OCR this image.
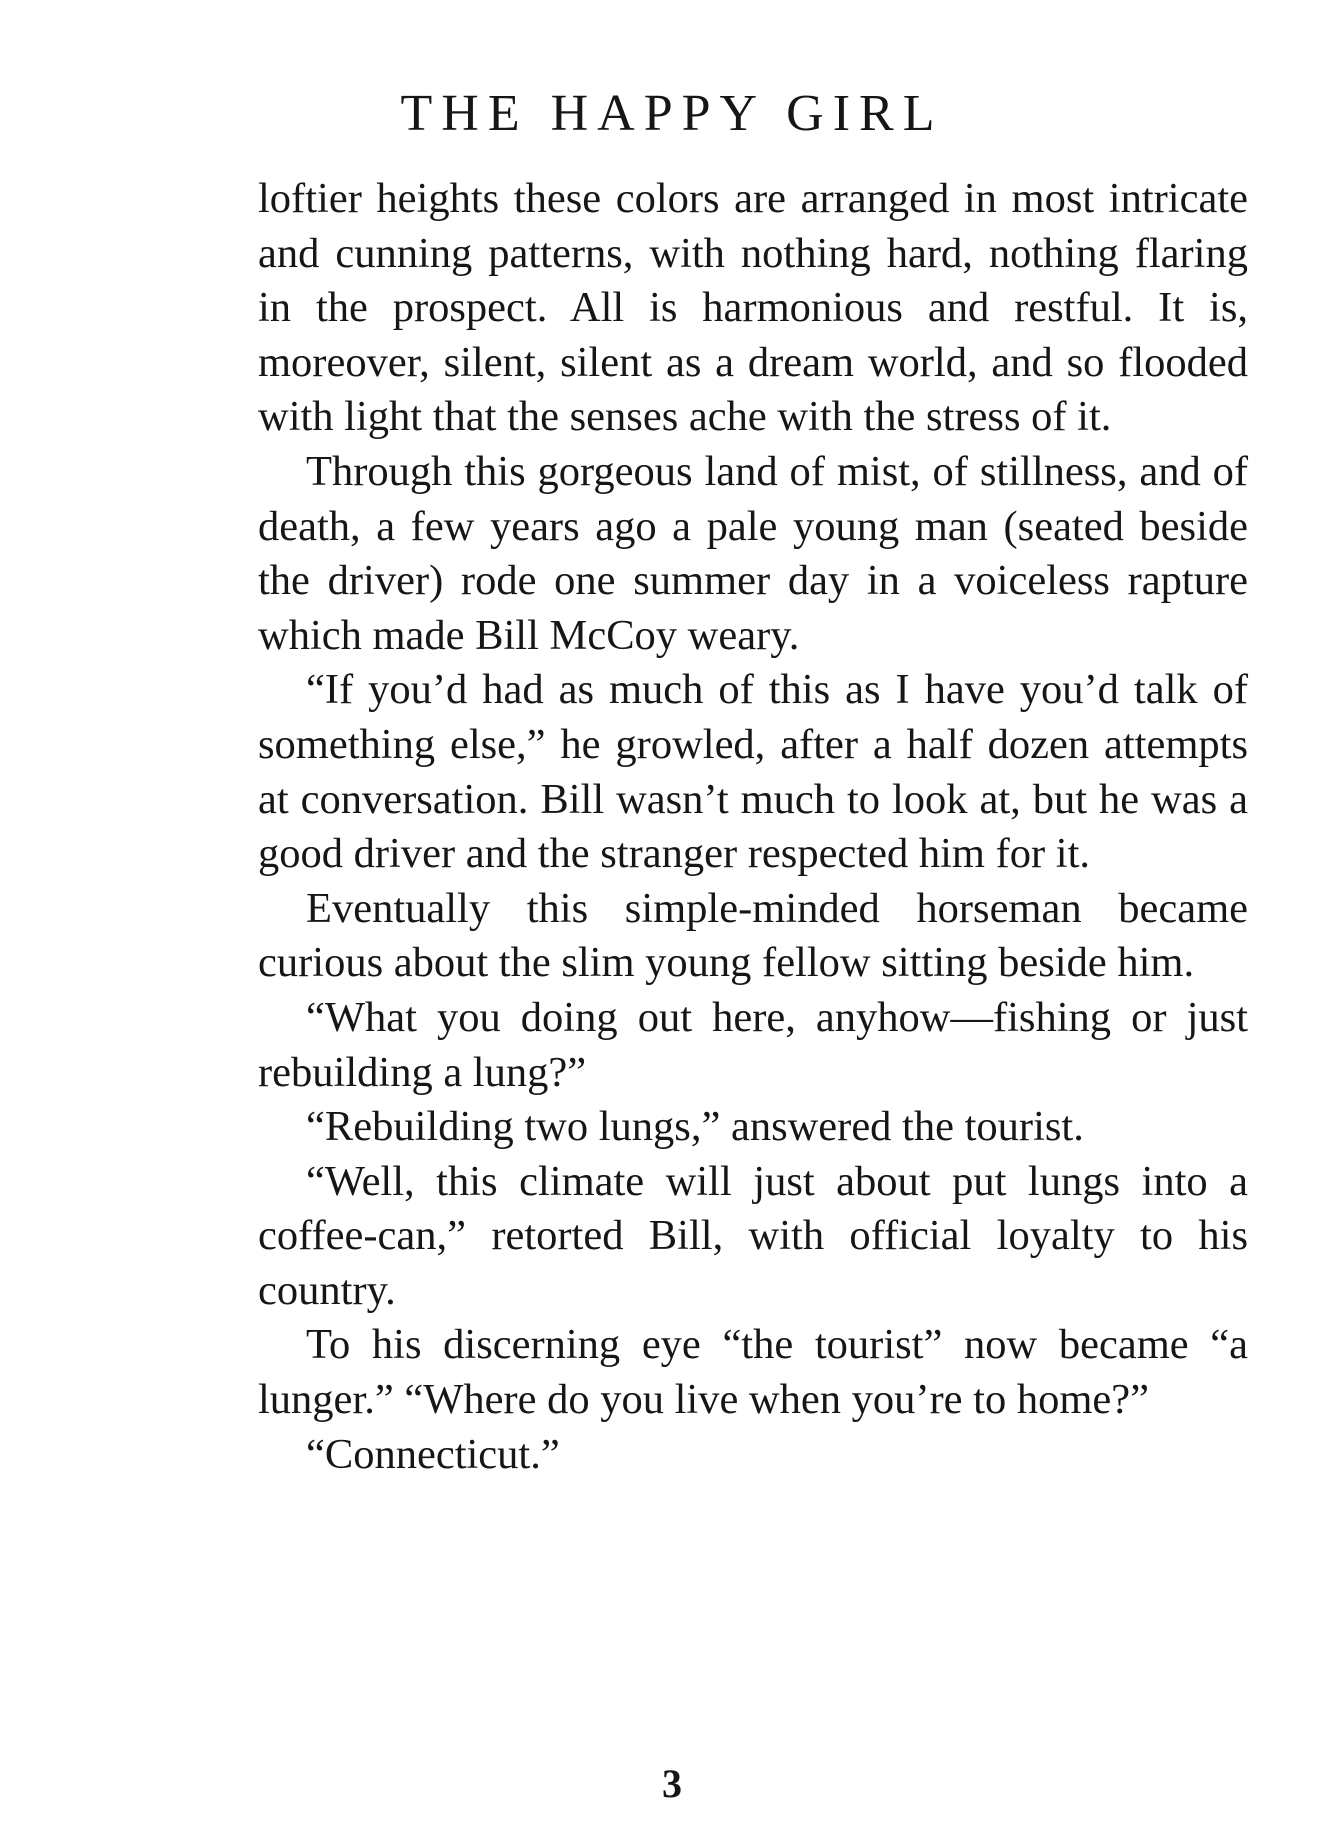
THE HAPPY GIRL

loftier heights these colors are arranged in most intricate and cunning patterns, with nothing hard, nothing flaring in the prospect. All is harmonious and restful. It is, moreover, silent, silent as a dream world, and so flooded with light that the senses ache with the stress of it.

Through this gorgeous land of mist, of stillness, and of death, a few years ago a pale young man (seated beside the driver) rode one summer day in a voiceless rapture which made Bill McCoy weary.

“If you’d had as much of this as I have you’d talk of something else,” he growled, after a half dozen attempts at conversation. Bill wasn’t much to look at, but he was a good driver and the stranger respected him for it.

Eventually this simple-minded horseman became curious about the slim young fellow sitting beside him.

“What you doing out here, anyhow—fishing or just rebuilding a lung?”

“Rebuilding two lungs,” answered the tourist.

“Well, this climate will just about put lungs into a coffee-can,” retorted Bill, with official loyalty to his country.

To his discerning eye “the tourist” now became “a lunger.” “Where do you live when you’re to home?”

“Connecticut.”

3
